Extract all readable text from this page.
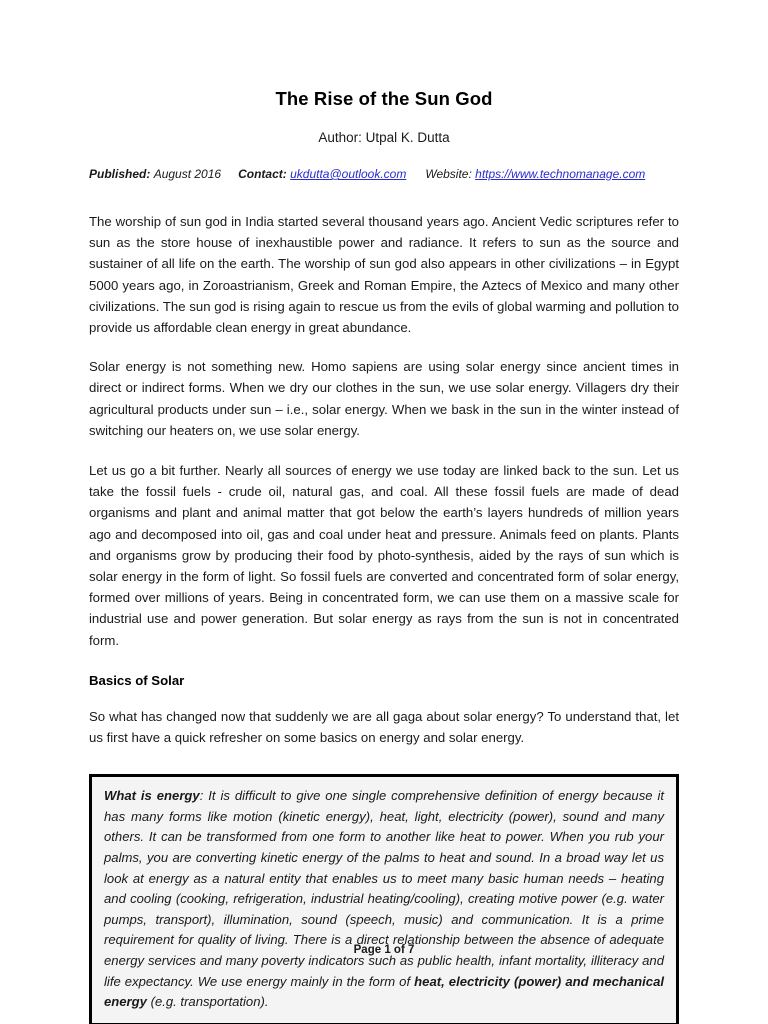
The Rise of the Sun God
Author: Utpal K. Dutta
Published: August 2016 Contact: ukdutta@outlook.com Website: https://www.technomanage.com

The worship of sun god in India started several thousand years ago. Ancient Vedic scriptures refer to sun as the store house of inexhaustible power and radiance. It refers to sun as the source and sustainer of all life on the earth. The worship of sun god also appears in other civilizations – in Egypt 5000 years ago, in Zoroastrianism, Greek and Roman Empire, the Aztecs of Mexico and many other civilizations. The sun god is rising again to rescue us from the evils of global warming and pollution to provide us affordable clean energy in great abundance.

Solar energy is not something new. Homo sapiens are using solar energy since ancient times in direct or indirect forms. When we dry our clothes in the sun, we use solar energy. Villagers dry their agricultural products under sun – i.e., solar energy. When we bask in the sun in the winter instead of switching our heaters on, we use solar energy.

Let us go a bit further. Nearly all sources of energy we use today are linked back to the sun. Let us take the fossil fuels - crude oil, natural gas, and coal. All these fossil fuels are made of dead organisms and plant and animal matter that got below the earth’s layers hundreds of million years ago and decomposed into oil, gas and coal under heat and pressure. Animals feed on plants. Plants and organisms grow by producing their food by photo-synthesis, aided by the rays of sun which is solar energy in the form of light. So fossil fuels are converted and concentrated form of solar energy, formed over millions of years. Being in concentrated form, we can use them on a massive scale for industrial use and power generation. But solar energy as rays from the sun is not in concentrated form.

Basics of Solar

So what has changed now that suddenly we are all gaga about solar energy? To understand that, let us first have a quick refresher on some basics on energy and solar energy.

What is energy: It is difficult to give one single comprehensive definition of energy because it has many forms like motion (kinetic energy), heat, light, electricity (power), sound and many others. It can be transformed from one form to another like heat to power. When you rub your palms, you are converting kinetic energy of the palms to heat and sound. In a broad way let us look at energy as a natural entity that enables us to meet many basic human needs – heating and cooling (cooking, refrigeration, industrial heating/cooling), creating motive power (e.g. water pumps, transport), illumination, sound (speech, music) and communication. It is a prime requirement for quality of living. There is a direct relationship between the absence of adequate energy services and many poverty indicators such as public health, infant mortality, illiteracy and life expectancy. We use energy mainly in the form of heat, electricity (power) and mechanical energy (e.g. transportation).

Page 1 of 7
